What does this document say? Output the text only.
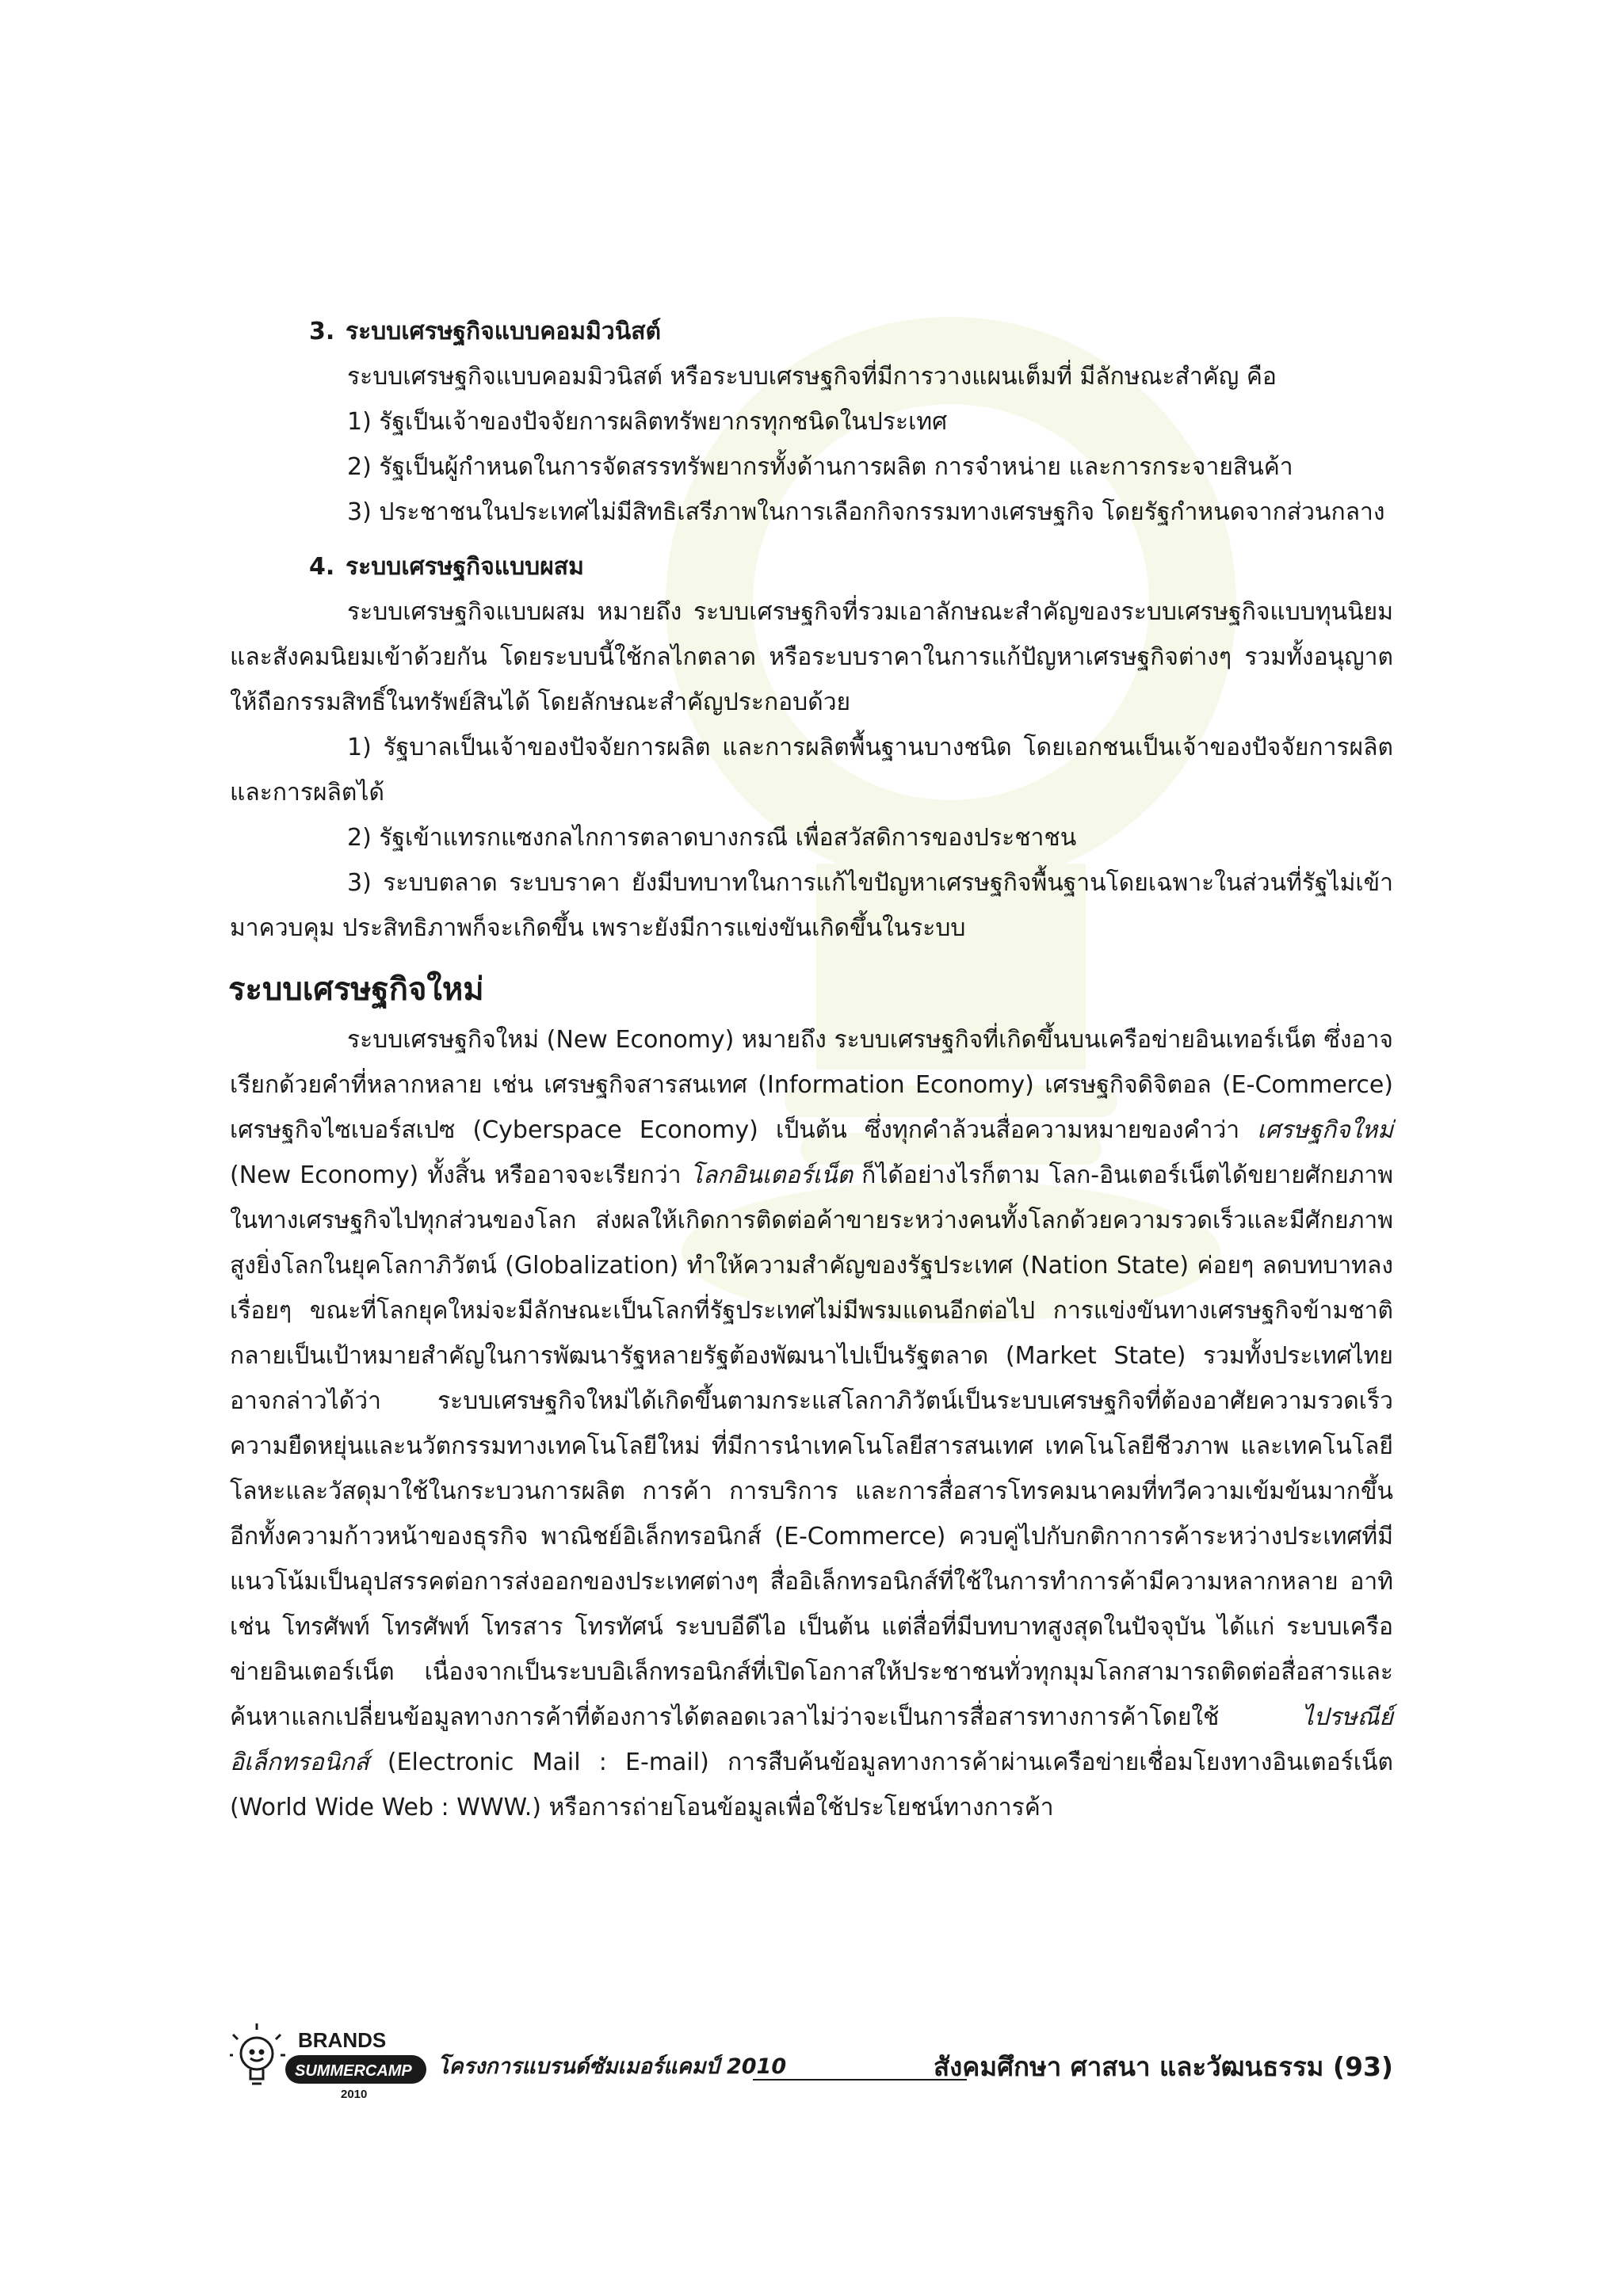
3. ระบบเศรษฐกิจแบบคอมมิวนิสต์

ระบบเศรษฐกิจแบบคอมมิวนิสต์ หรือระบบเศรษฐกิจที่มีการวางแผนเต็มที่ มีลักษณะสำคัญ คือ

1) รัฐเป็นเจ้าของปัจจัยการผลิตทรัพยากรทุกชนิดในประเทศ

2) รัฐเป็นผู้กำหนดในการจัดสรรทรัพยากรทั้งด้านการผลิต การจำหน่าย และการกระจายสินค้า

3) ประชาชนในประเทศไม่มีสิทธิเสรีภาพในการเลือกกิจกรรมทางเศรษฐกิจ โดยรัฐกำหนดจากส่วนกลาง

4. ระบบเศรษฐกิจแบบผสม

ระบบเศรษฐกิจแบบผสม หมายถึง ระบบเศรษฐกิจที่รวมเอาลักษณะสำคัญของระบบเศรษฐกิจแบบทุนนิยมและสังคมนิยมเข้าด้วยกัน โดยระบบนี้ใช้กลไกตลาด หรือระบบราคาในการแก้ปัญหาเศรษฐกิจต่างๆ รวมทั้งอนุญาตให้ถือกรรมสิทธิ์ในทรัพย์สินได้ โดยลักษณะสำคัญประกอบด้วย

1) รัฐบาลเป็นเจ้าของปัจจัยการผลิต และการผลิตพื้นฐานบางชนิด โดยเอกชนเป็นเจ้าของปัจจัยการผลิต และการผลิตได้

2) รัฐเข้าแทรกแซงกลไกการตลาดบางกรณี เพื่อสวัสดิการของประชาชน

3) ระบบตลาด ระบบราคา ยังมีบทบาทในการแก้ไขปัญหาเศรษฐกิจพื้นฐานโดยเฉพาะในส่วนที่รัฐไม่เข้ามาควบคุม ประสิทธิภาพก็จะเกิดขึ้น เพราะยังมีการแข่งขันเกิดขึ้นในระบบ

ระบบเศรษฐกิจใหม่

ระบบเศรษฐกิจใหม่ (New Economy) หมายถึง ระบบเศรษฐกิจที่เกิดขึ้นบนเครือข่ายอินเทอร์เน็ต ซึ่งอาจเรียกด้วยคำที่หลากหลาย เช่น เศรษฐกิจสารสนเทศ (Information Economy) เศรษฐกิจดิจิตอล (E-Commerce) เศรษฐกิจไซเบอร์สเปซ (Cyberspace Economy) เป็นต้น ซึ่งทุกคำล้วนสื่อความหมายของคำว่า เศรษฐกิจใหม่ (New Economy) ทั้งสิ้น หรืออาจจะเรียกว่า โลกอินเตอร์เน็ต ก็ได้อย่างไรก็ตาม โลก-อินเตอร์เน็ตได้ขยายศักยภาพในทางเศรษฐกิจไปทุกส่วนของโลก ส่งผลให้เกิดการติดต่อค้าขายระหว่างคนทั้งโลกด้วยความรวดเร็วและมีศักยภาพสูงยิ่งโลกในยุคโลกาภิวัตน์ (Globalization) ทำให้ความสำคัญของรัฐประเทศ (Nation State) ค่อยๆ ลดบทบาทลงเรื่อยๆ ขณะที่โลกยุคใหม่จะมีลักษณะเป็นโลกที่รัฐประเทศไม่มีพรมแดนอีกต่อไป การแข่งขันทางเศรษฐกิจข้ามชาติกลายเป็นเป้าหมายสำคัญในการพัฒนารัฐหลายรัฐต้องพัฒนาไปเป็นรัฐตลาด (Market State) รวมทั้งประเทศไทย อาจกล่าวได้ว่า ระบบเศรษฐกิจใหม่ได้เกิดขึ้นตามกระแสโลกาภิวัตน์เป็นระบบเศรษฐกิจที่ต้องอาศัยความรวดเร็วความยืดหยุ่นและนวัตกรรมทางเทคโนโลยีใหม่ ที่มีการนำเทคโนโลยีสารสนเทศ เทคโนโลยีชีวภาพ และเทคโนโลยีโลหะและวัสดุมาใช้ในกระบวนการผลิต การค้า การบริการ และการสื่อสารโทรคมนาคมที่ทวีความเข้มข้นมากขึ้นอีกทั้งความก้าวหน้าของธุรกิจ พาณิชย์อิเล็กทรอนิกส์ (E-Commerce) ควบคู่ไปกับกติกาการค้าระหว่างประเทศที่มีแนวโน้มเป็นอุปสรรคต่อการส่งออกของประเทศต่างๆ สื่ออิเล็กทรอนิกส์ที่ใช้ในการทำการค้ามีความหลากหลาย อาทิเช่น โทรศัพท์ โทรศัพท์ โทรสาร โทรทัศน์ ระบบอีดีไอ เป็นต้น แต่สื่อที่มีบทบาทสูงสุดในปัจจุบัน ได้แก่ ระบบเครือข่ายอินเตอร์เน็ต เนื่องจากเป็นระบบอิเล็กทรอนิกส์ที่เปิดโอกาสให้ประชาชนทั่วทุกมุมโลกสามารถติดต่อสื่อสารและค้นหาแลกเปลี่ยนข้อมูลทางการค้าที่ต้องการได้ตลอดเวลาไม่ว่าจะเป็นการสื่อสารทางการค้าโดยใช้ ไปรษณีย์อิเล็กทรอนิกส์ (Electronic Mail : E-mail) การสืบค้นข้อมูลทางการค้าผ่านเครือข่ายเชื่อมโยงทางอินเตอร์เน็ต (World Wide Web : WWW.) หรือการถ่ายโอนข้อมูลเพื่อใช้ประโยชน์ทางการค้า

BRANDS
SUMMERCAMP
2010
โครงการแบรนด์ซัมเมอร์แคมป์ 2010	สังคมศึกษา ศาสนา และวัฒนธรรม (93)
